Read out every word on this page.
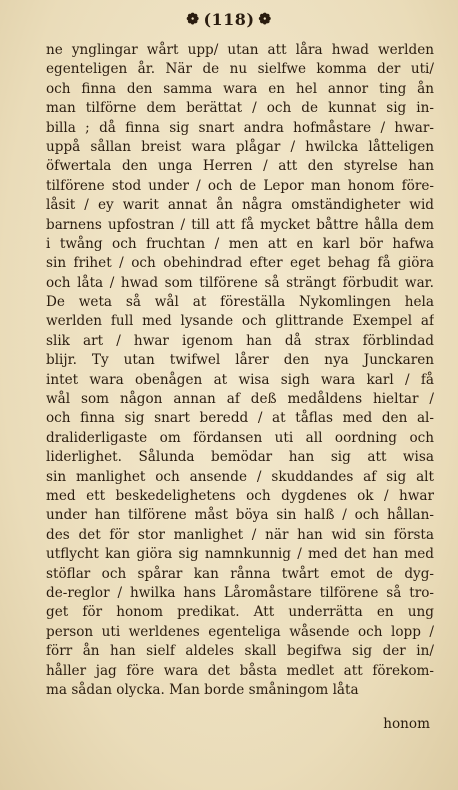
❁ (118) ❁
ne ynglingar wårt upp/ utan att låra hwad werlden
egenteligen år. När de nu sielfwe komma der uti/
och finna den samma wara en hel annor ting ån
man tilförne dem berättat / och de kunnat sig in-
billa ; då finna sig snart andra hofmåstare / hwar-
uppå sållan breist wara plågar / hwilcka låtteligen
öfwertala den unga Herren / att den styrelse han
tilförene stod under / och de Lepor man honom före-
låsit / ey warit annat ån några omständigheter wid
barnens upfostran / till att få mycket båttre hålla dem
i twång och fruchtan / men att en karl bör hafwa
sin frihet / och obehindrad efter eget behag få giöra
och låta / hwad som tilförene så strängt förbudit war.
De weta så wål at föreställa Nykomlingen hela
werlden full med lysande och glittrande Exempel af
slik art / hwar igenom han då strax förblindad
blijr. Ty utan twifwel lårer den nya Junckaren
intet wara obenågen at wisa sigh wara karl / få
wål som någon annan af deß medåldens hieltar /
och finna sig snart beredd / at tåflas med den al-
draliderligaste om fördansen uti all oordning och
liderlighet. Sålunda bemödar han sig att wisa
sin manlighet och ansende / skuddandes af sig alt
med ett beskedelighetens och dygdenes ok / hwar
under han tilförene måst böya sin halß / och hållan-
des det för stor manlighet / när han wid sin första
utflycht kan giöra sig namnkunnig / med det han med
stöflar och spårar kan rånna twårt emot de dyg-
de-reglor / hwilka hans Låromåstare tilförene så tro-
get för honom predikat. Att underrätta en ung
person uti werldenes egenteliga wåsende och lopp /
förr ån han sielf aldeles skall begifwa sig der in/
håller jag före wara det båsta medlet att förekom-
ma sådan olycka. Man borde småningom låta
honom
